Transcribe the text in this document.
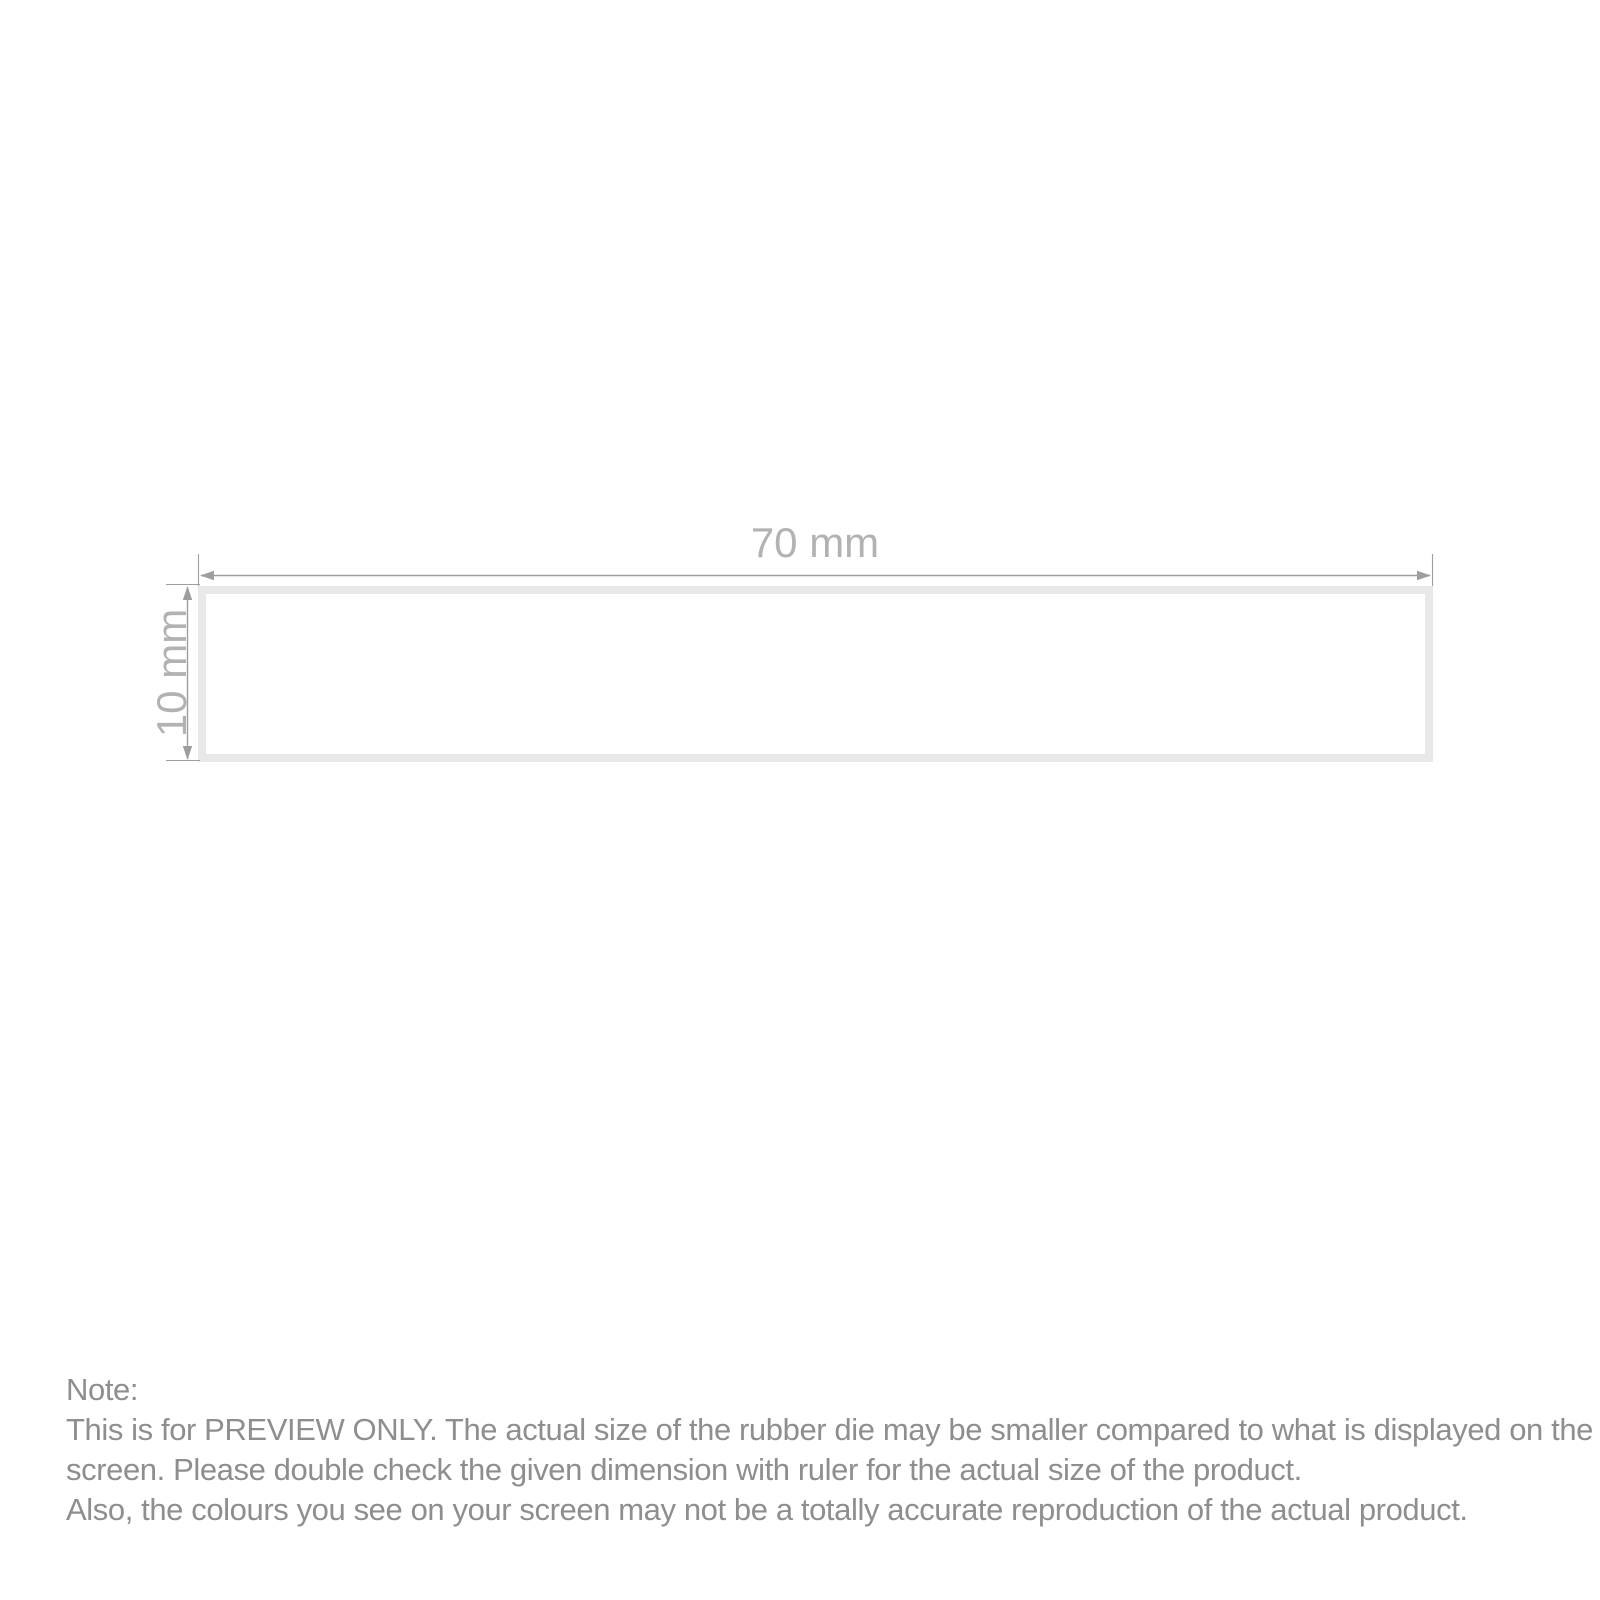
70 mm
10 mm
Note:
This is for PREVIEW ONLY. The actual size of the rubber die may be smaller compared to what is displayed on the
screen. Please double check the given dimension with ruler for the actual size of the product.
Also, the colours you see on your screen may not be a totally accurate reproduction of the actual product.
